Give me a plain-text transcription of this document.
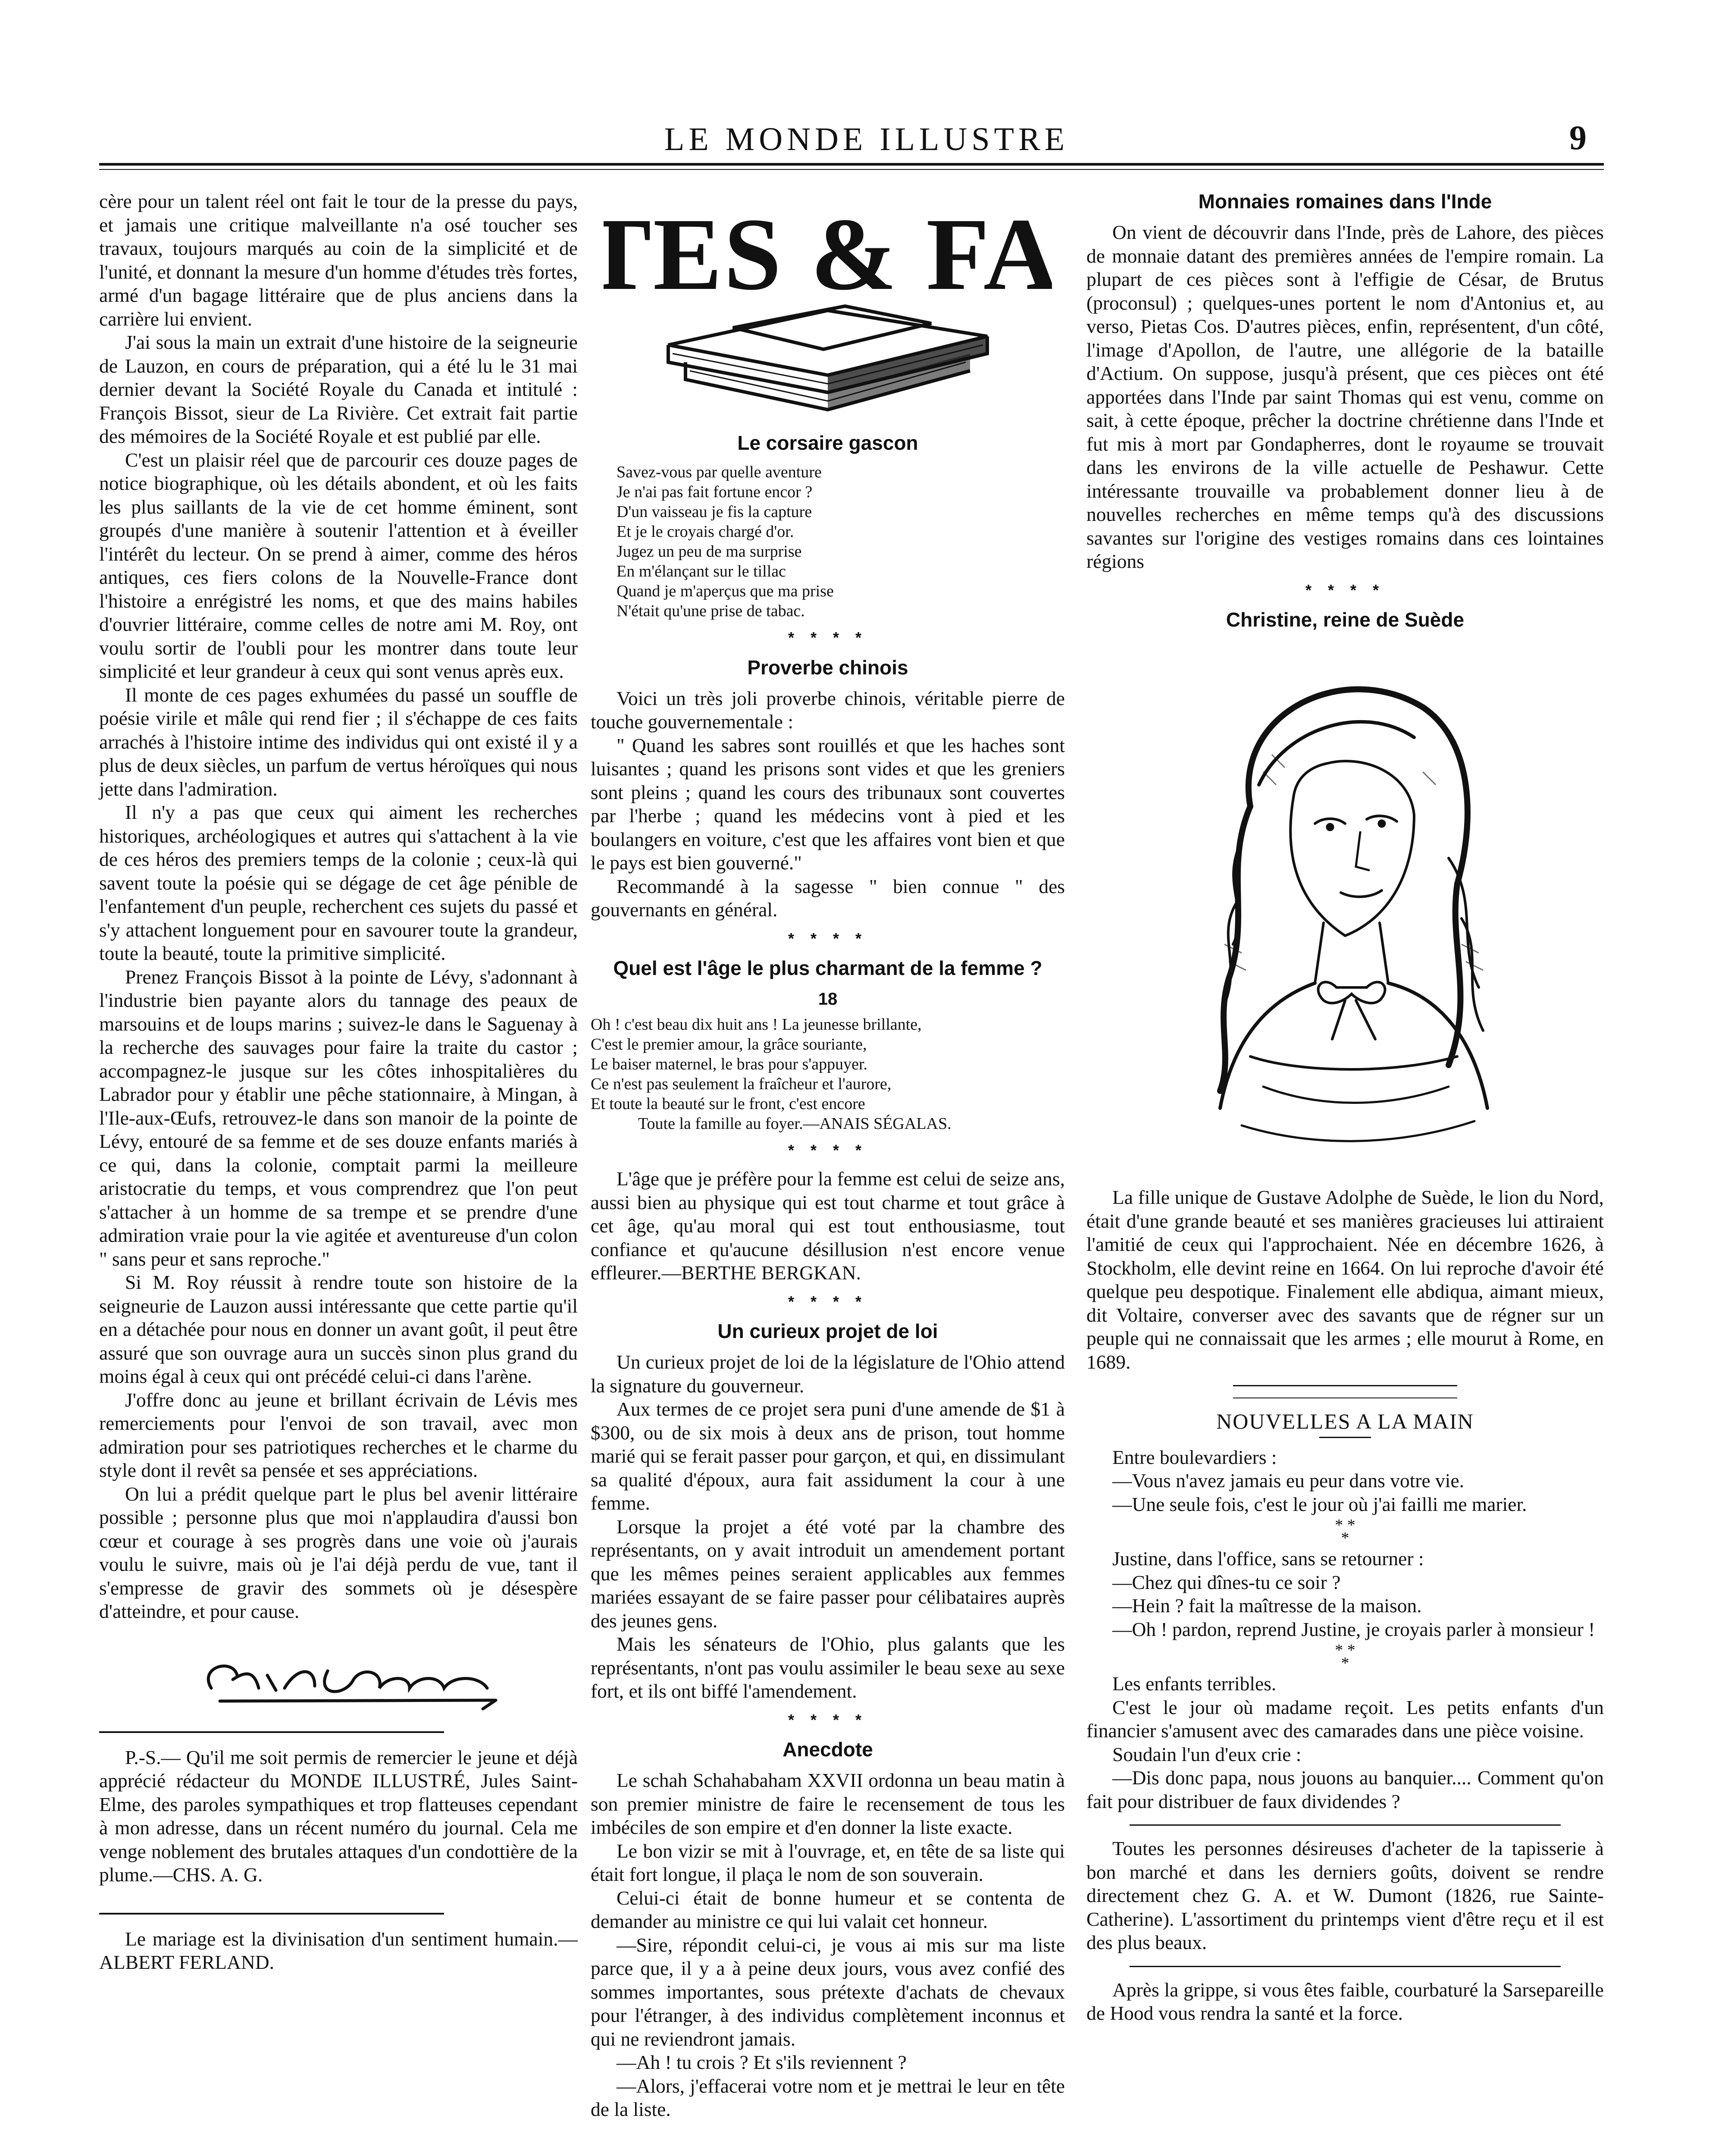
LE MONDE ILLUSTRE	9

cère pour un talent réel ont fait le tour de la presse du pays, et jamais une critique malveillante n'a osé toucher ses travaux, toujours marqués au coin de la simplicité et de l'unité, et donnant la mesure d'un homme d'études très fortes, armé d'un bagage littéraire que de plus anciens dans la carrière lui envient.

J'ai sous la main un extrait d'une histoire de la seigneurie de Lauzon, en cours de préparation, qui a été lu le 31 mai dernier devant la Société Royale du Canada et intitulé : François Bissot, sieur de La Rivière. Cet extrait fait partie des mémoires de la Société Royale et est publié par elle.

C'est un plaisir réel que de parcourir ces douze pages de notice biographique, où les détails abondent, et où les faits les plus saillants de la vie de cet homme éminent, sont groupés d'une manière à soutenir l'attention et à éveiller l'intérêt du lecteur. On se prend à aimer, comme des héros antiques, ces fiers colons de la Nouvelle-France dont l'histoire a enrégistré les noms, et que des mains habiles d'ouvrier littéraire, comme celles de notre ami M. Roy, ont voulu sortir de l'oubli pour les montrer dans toute leur simplicité et leur grandeur à ceux qui sont venus après eux.

Il monte de ces pages exhumées du passé un souffle de poésie virile et mâle qui rend fier ; il s'échappe de ces faits arrachés à l'histoire intime des individus qui ont existé il y a plus de deux siècles, un parfum de vertus héroïques qui nous jette dans l'admiration.

Il n'y a pas que ceux qui aiment les recherches historiques, archéologiques et autres qui s'attachent à la vie de ces héros des premiers temps de la colonie ; ceux-là qui savent toute la poésie qui se dégage de cet âge pénible de l'enfantement d'un peuple, recherchent ces sujets du passé et s'y attachent longuement pour en savourer toute la grandeur, toute la beauté, toute la primitive simplicité.

Prenez François Bissot à la pointe de Lévy, s'adonnant à l'industrie bien payante alors du tannage des peaux de marsouins et de loups marins ; suivez-le dans le Saguenay à la recherche des sauvages pour faire la traite du castor ; accompagnez-le jusque sur les côtes inhospitalières du Labrador pour y établir une pêche stationnaire, à Mingan, à l'Ile-aux-Œufs, retrouvez-le dans son manoir de la pointe de Lévy, entouré de sa femme et de ses douze enfants mariés à ce qui, dans la colonie, comptait parmi la meilleure aristocratie du temps, et vous comprendrez que l'on peut s'attacher à un homme de sa trempe et se prendre d'une admiration vraie pour la vie agitée et aventureuse d'un colon " sans peur et sans reproche."

Si M. Roy réussit à rendre toute son histoire de la seigneurie de Lauzon aussi intéressante que cette partie qu'il en a détachée pour nous en donner un avant goût, il peut être assuré que son ouvrage aura un succès sinon plus grand du moins égal à ceux qui ont précédé celui-ci dans l'arène.

J'offre donc au jeune et brillant écrivain de Lévis mes remerciements pour l'envoi de son travail, avec mon admiration pour ses patriotiques recherches et le charme du style dont il revêt sa pensée et ses appréciations.

On lui a prédit quelque part le plus bel avenir littéraire possible ; personne plus que moi n'applaudira d'aussi bon cœur et courage à ses progrès dans une voie où j'aurais voulu le suivre, mais où je l'ai déjà perdu de vue, tant il s'empresse de gravir des sommets où je désespère d'atteindre, et pour cause.

P.-S.— Qu'il me soit permis de remercier le jeune et déjà apprécié rédacteur du MONDE ILLUSTRÉ, Jules Saint-Elme, des paroles sympathiques et trop flatteuses cependant à mon adresse, dans un récent numéro du journal. Cela me venge noblement des brutales attaques d'un condottière de la plume.—CHS. A. G.

Le mariage est la divinisation d'un sentiment humain.—ALBERT FERLAND.

TES & FA
Le corsaire gascon
Savez-vous par quelle aventure
Je n'ai pas fait fortune encor ?
D'un vaisseau je fis la capture
Et je le croyais chargé d'or.
Jugez un peu de ma surprise
En m'élançant sur le tillac
Quand je m'aperçus que ma prise
N'était qu'une prise de tabac.
* * * *
Proverbe chinois

Voici un très joli proverbe chinois, véritable pierre de touche gouvernementale :

" Quand les sabres sont rouillés et que les haches sont luisantes ; quand les prisons sont vides et que les greniers sont pleins ; quand les cours des tribunaux sont couvertes par l'herbe ; quand les médecins vont à pied et les boulangers en voiture, c'est que les affaires vont bien et que le pays est bien gouverné."

Recommandé à la sagesse " bien connue " des gouvernants en général.

* * * *
Quel est l'âge le plus charmant de la femme ?
18
Oh ! c'est beau dix huit ans ! La jeunesse brillante,
C'est le premier amour, la grâce souriante,
Le baiser maternel, le bras pour s'appuyer.
Ce n'est pas seulement la fraîcheur et l'aurore,
Et toute la beauté sur le front, c'est encore
Toute la famille au foyer.—ANAIS SÉGALAS.
* * * *

L'âge que je préfère pour la femme est celui de seize ans, aussi bien au physique qui est tout charme et tout grâce à cet âge, qu'au moral qui est tout enthousiasme, tout confiance et qu'aucune désillusion n'est encore venue effleurer.—BERTHE BERGKAN.

* * * *
Un curieux projet de loi

Un curieux projet de loi de la législature de l'Ohio attend la signature du gouverneur.

Aux termes de ce projet sera puni d'une amende de $1 à $300, ou de six mois à deux ans de prison, tout homme marié qui se ferait passer pour garçon, et qui, en dissimulant sa qualité d'époux, aura fait assidument la cour à une femme.

Lorsque la projet a été voté par la chambre des représentants, on y avait introduit un amendement portant que les mêmes peines seraient applicables aux femmes mariées essayant de se faire passer pour célibataires auprès des jeunes gens.

Mais les sénateurs de l'Ohio, plus galants que les représentants, n'ont pas voulu assimiler le beau sexe au sexe fort, et ils ont biffé l'amendement.

* * * *
Anecdote

Le schah Schahabaham XXVII ordonna un beau matin à son premier ministre de faire le recensement de tous les imbéciles de son empire et d'en donner la liste exacte.

Le bon vizir se mit à l'ouvrage, et, en tête de sa liste qui était fort longue, il plaça le nom de son souverain.

Celui-ci était de bonne humeur et se contenta de demander au ministre ce qui lui valait cet honneur.

—Sire, répondit celui-ci, je vous ai mis sur ma liste parce que, il y a à peine deux jours, vous avez confié des sommes importantes, sous prétexte d'achats de chevaux pour l'étranger, à des individus complètement inconnus et qui ne reviendront jamais.

—Ah ! tu crois ? Et s'ils reviennent ?

—Alors, j'effacerai votre nom et je mettrai le leur en tête de la liste.

Monnaies romaines dans l'Inde

On vient de découvrir dans l'Inde, près de Lahore, des pièces de monnaie datant des premières années de l'empire romain. La plupart de ces pièces sont à l'effigie de César, de Brutus (proconsul) ; quelques-unes portent le nom d'Antonius et, au verso, Pietas Cos. D'autres pièces, enfin, représentent, d'un côté, l'image d'Apollon, de l'autre, une allégorie de la bataille d'Actium. On suppose, jusqu'à présent, que ces pièces ont été apportées dans l'Inde par saint Thomas qui est venu, comme on sait, à cette époque, prêcher la doctrine chrétienne dans l'Inde et fut mis à mort par Gondapherres, dont le royaume se trouvait dans les environs de la ville actuelle de Peshawur. Cette intéressante trouvaille va probablement donner lieu à de nouvelles recherches en même temps qu'à des discussions savantes sur l'origine des vestiges romains dans ces lointaines régions

* * * *
Christine, reine de Suède

La fille unique de Gustave Adolphe de Suède, le lion du Nord, était d'une grande beauté et ses manières gracieuses lui attiraient l'amitié de ceux qui l'approchaient. Née en décembre 1626, à Stockholm, elle devint reine en 1664. On lui reproche d'avoir été quelque peu despotique. Finalement elle abdiqua, aimant mieux, dit Voltaire, converser avec des savants que de régner sur un peuple qui ne connaissait que les armes ; elle mourut à Rome, en 1689.

NOUVELLES A LA MAIN

Entre boulevardiers :

—Vous n'avez jamais eu peur dans votre vie.

—Une seule fois, c'est le jour où j'ai failli me marier.

* *
*

Justine, dans l'office, sans se retourner :

—Chez qui dînes-tu ce soir ?

—Hein ? fait la maîtresse de la maison.

—Oh ! pardon, reprend Justine, je croyais parler à monsieur !

* *
*

Les enfants terribles.

C'est le jour où madame reçoit. Les petits enfants d'un financier s'amusent avec des camarades dans une pièce voisine.

Soudain l'un d'eux crie :

—Dis donc papa, nous jouons au banquier.... Comment qu'on fait pour distribuer de faux dividendes ?

Toutes les personnes désireuses d'acheter de la tapisserie à bon marché et dans les derniers goûts, doivent se rendre directement chez G. A. et W. Dumont (1826, rue Sainte-Catherine). L'assortiment du printemps vient d'être reçu et il est des plus beaux.

Après la grippe, si vous êtes faible, courbaturé la Sarsepareille de Hood vous rendra la santé et la force.
